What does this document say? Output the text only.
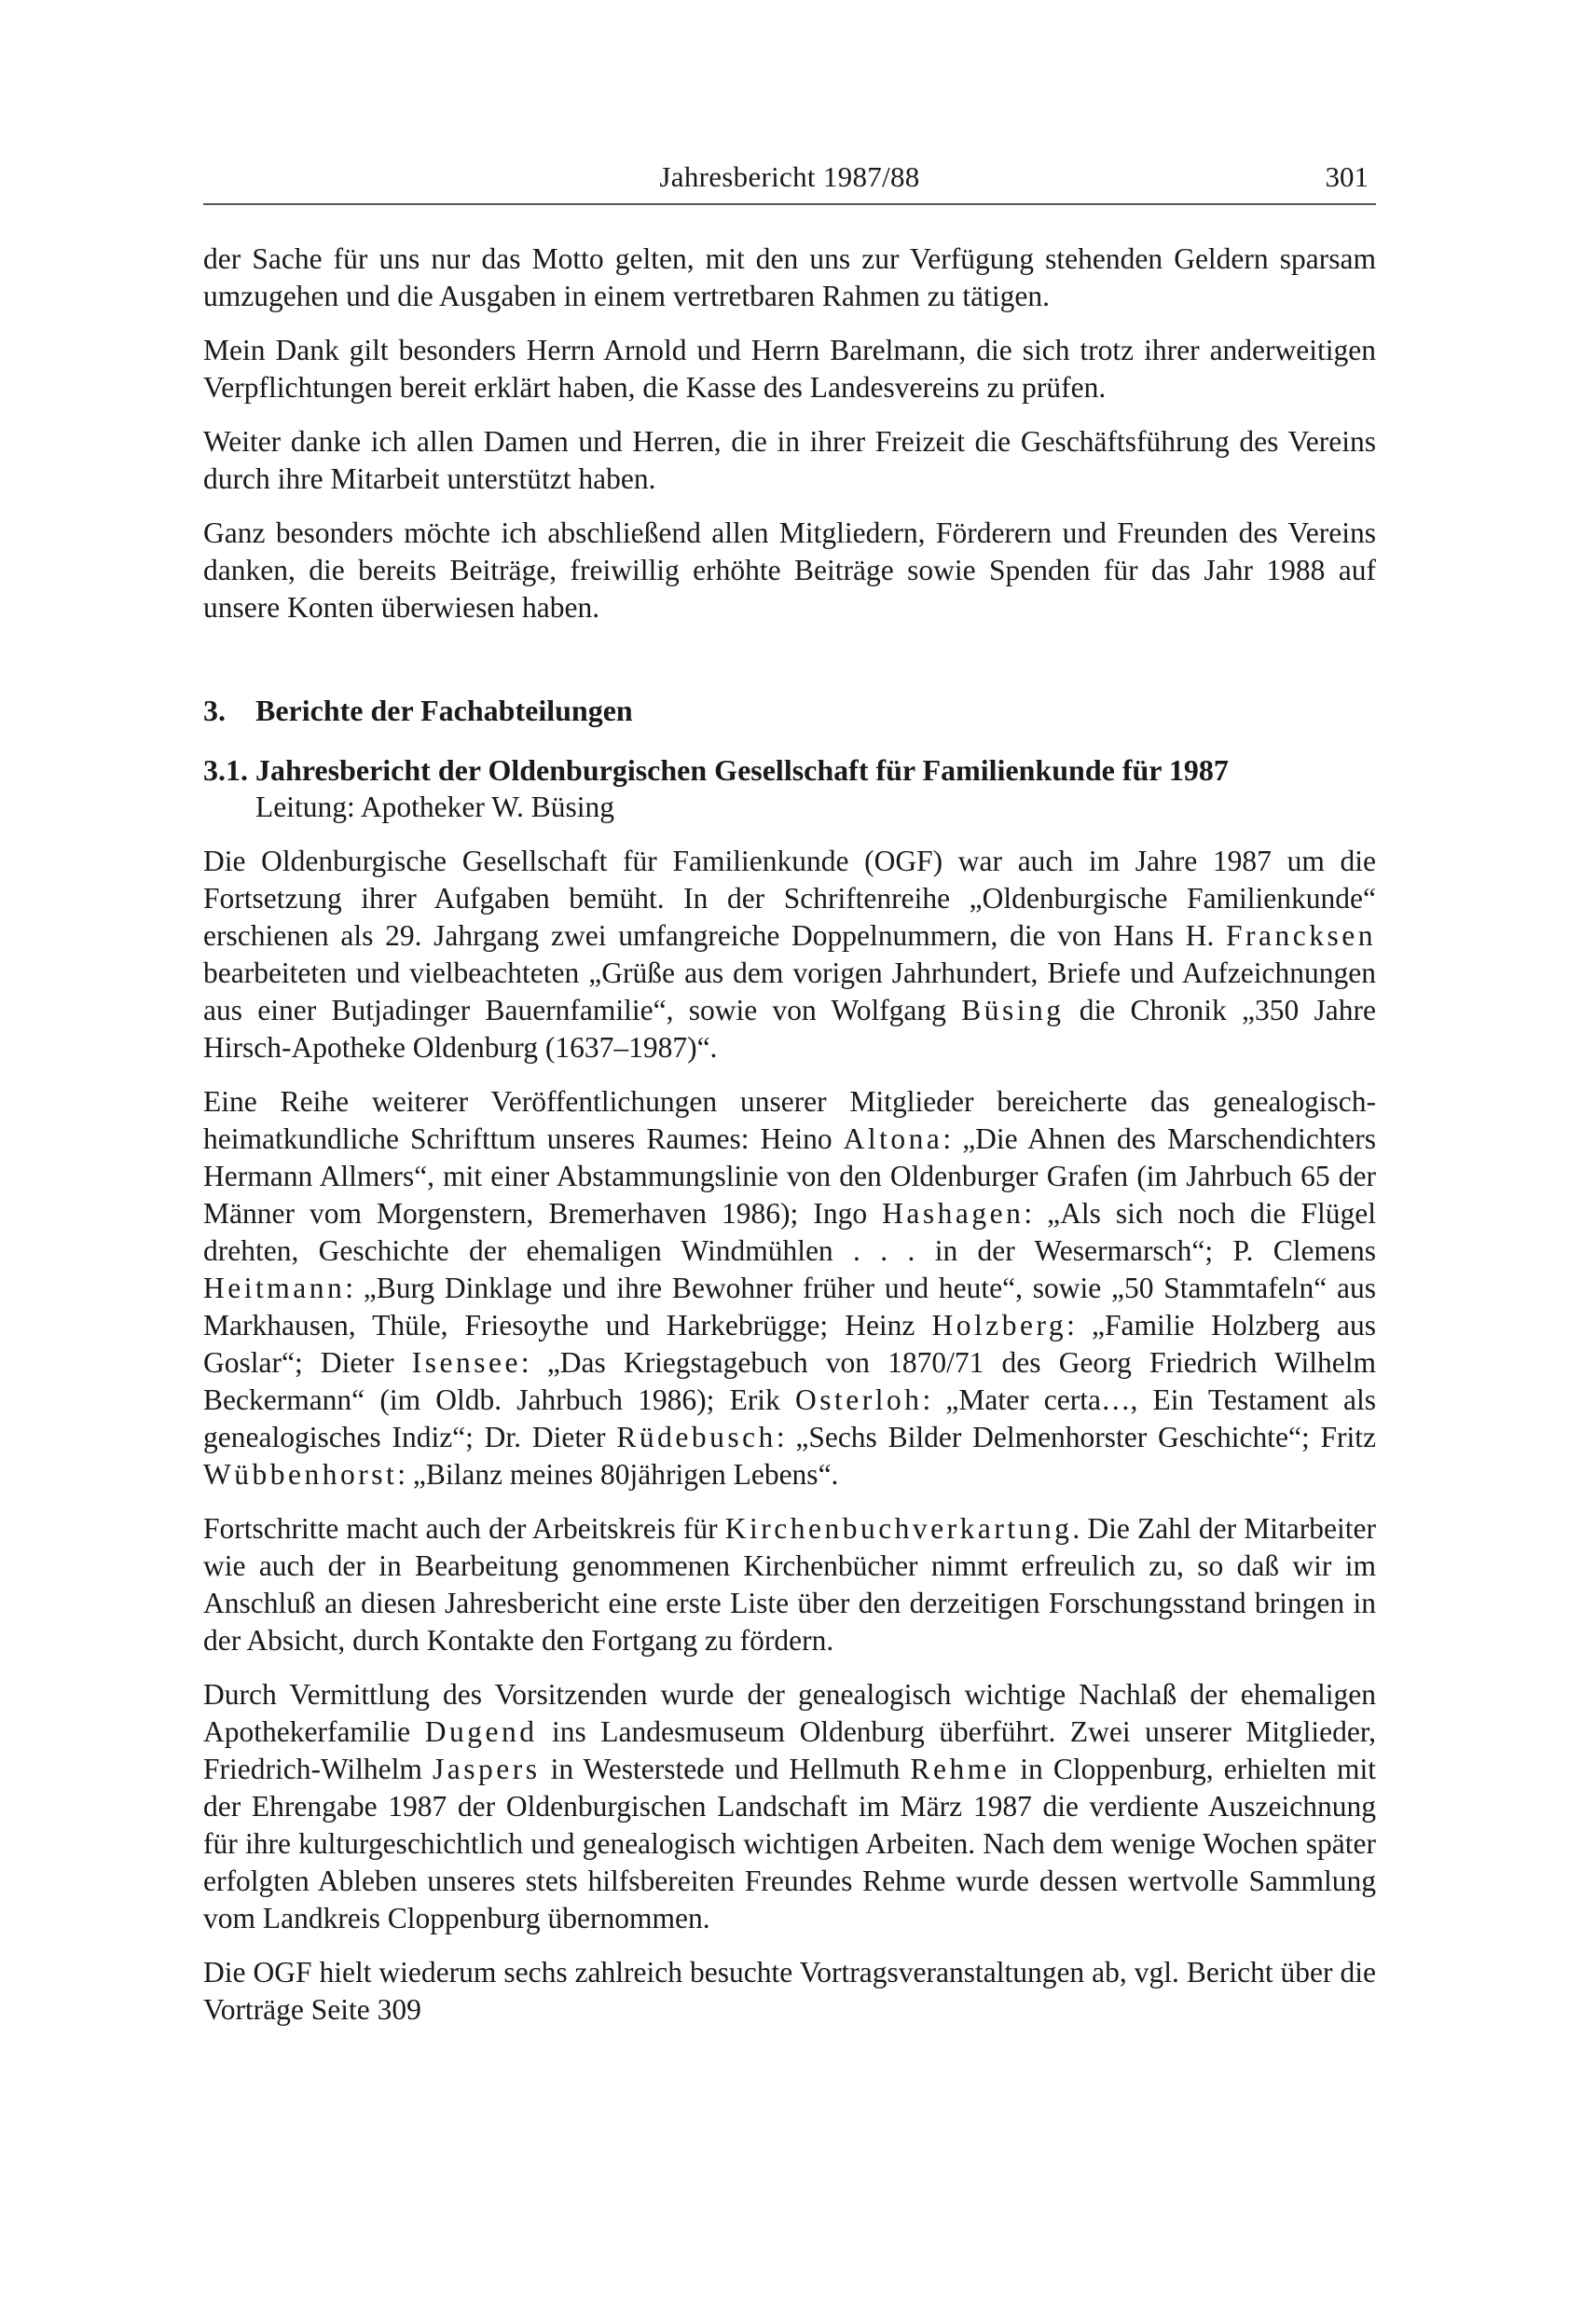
Jahresbericht 1987/88	301

der Sache für uns nur das Motto gelten, mit den uns zur Verfügung stehenden Geldern sparsam umzugehen und die Ausgaben in einem vertretbaren Rahmen zu tätigen.

Mein Dank gilt besonders Herrn Arnold und Herrn Barelmann, die sich trotz ihrer anderweitigen Verpflichtungen bereit erklärt haben, die Kasse des Landesvereins zu prüfen.

Weiter danke ich allen Damen und Herren, die in ihrer Freizeit die Geschäftsführung des Vereins durch ihre Mitarbeit unterstützt haben.

Ganz besonders möchte ich abschließend allen Mitgliedern, Förderern und Freunden des Vereins danken, die bereits Beiträge, freiwillig erhöhte Beiträge sowie Spenden für das Jahr 1988 auf unsere Konten überwiesen haben.

3.	Berichte der Fachabteilungen
3.1. Jahresbericht der Oldenburgischen Gesellschaft für Familienkunde für 1987
Leitung: Apotheker W. Büsing

Die Oldenburgische Gesellschaft für Familienkunde (OGF) war auch im Jahre 1987 um die Fortsetzung ihrer Aufgaben bemüht. In der Schriftenreihe „Oldenburgische Familienkunde“ erschienen als 29. Jahrgang zwei umfangreiche Doppelnummern, die von Hans H. Francksen bearbeiteten und vielbeachteten „Grüße aus dem vorigen Jahrhundert, Briefe und Aufzeichnungen aus einer Butjadinger Bauernfamilie“, sowie von Wolfgang Büsing die Chronik „350 Jahre Hirsch-Apotheke Oldenburg (1637–1987)“.

Eine Reihe weiterer Veröffentlichungen unserer Mitglieder bereicherte das genealogisch-heimatkundliche Schrifttum unseres Raumes: Heino Altona: „Die Ahnen des Marschendichters Hermann Allmers“, mit einer Abstammungslinie von den Oldenburger Grafen (im Jahrbuch 65 der Männer vom Morgenstern, Bremerhaven 1986); Ingo Hashagen: „Als sich noch die Flügel drehten, Geschichte der ehemaligen Windmühlen . . . in der Wesermarsch“; P. Clemens Heitmann: „Burg Dinklage und ihre Bewohner früher und heute“, sowie „50 Stammtafeln“ aus Markhausen, Thüle, Friesoythe und Harkebrügge; Heinz Holzberg: „Familie Holzberg aus Goslar“; Dieter Isensee: „Das Kriegstagebuch von 1870/71 des Georg Friedrich Wilhelm Beckermann“ (im Oldb. Jahrbuch 1986); Erik Osterloh: „Mater certa…, Ein Testament als genealogisches Indiz“; Dr. Dieter Rüdebusch: „Sechs Bilder Delmenhorster Geschichte“; Fritz Wübbenhorst: „Bilanz meines 80jährigen Lebens“.

Fortschritte macht auch der Arbeitskreis für Kirchenbuchverkartung. Die Zahl der Mitarbeiter wie auch der in Bearbeitung genommenen Kirchenbücher nimmt erfreulich zu, so daß wir im Anschluß an diesen Jahresbericht eine erste Liste über den derzeitigen Forschungsstand bringen in der Absicht, durch Kontakte den Fortgang zu fördern.

Durch Vermittlung des Vorsitzenden wurde der genealogisch wichtige Nachlaß der ehemaligen Apothekerfamilie Dugend ins Landesmuseum Oldenburg überführt. Zwei unserer Mitglieder, Friedrich-Wilhelm Jaspers in Westerstede und Hellmuth Rehme in Cloppenburg, erhielten mit der Ehrengabe 1987 der Oldenburgischen Landschaft im März 1987 die verdiente Auszeichnung für ihre kulturgeschichtlich und genealogisch wichtigen Arbeiten. Nach dem wenige Wochen später erfolgten Ableben unseres stets hilfsbereiten Freundes Rehme wurde dessen wertvolle Sammlung vom Landkreis Cloppenburg übernommen.

Die OGF hielt wiederum sechs zahlreich besuchte Vortragsveranstaltungen ab, vgl. Bericht über die Vorträge Seite 309
